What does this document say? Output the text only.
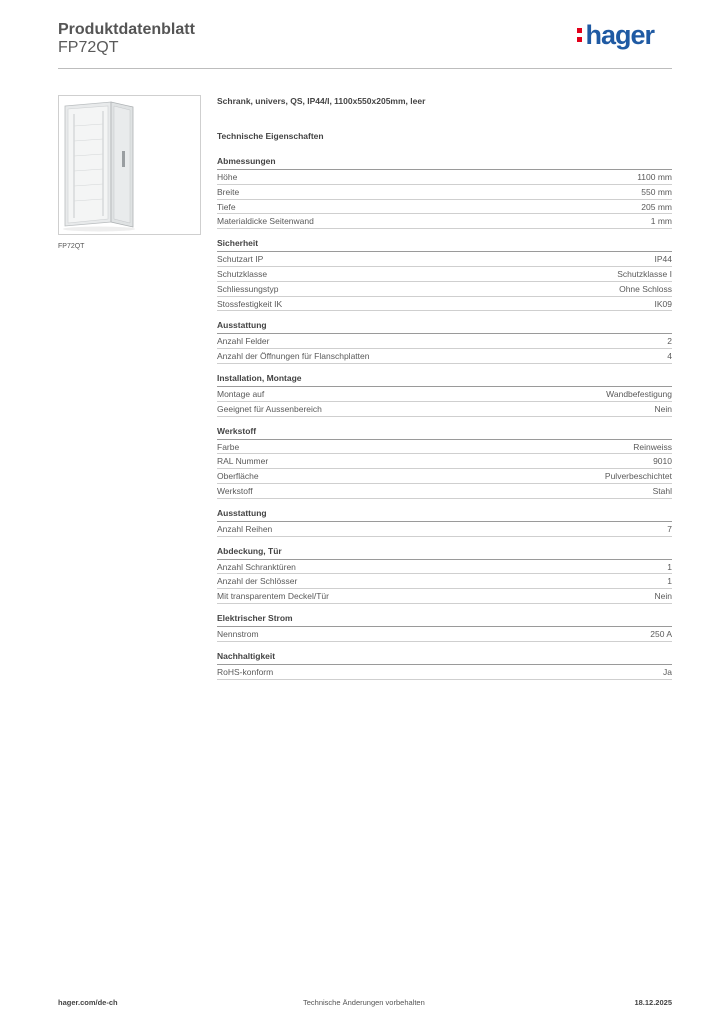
Produktdatenblatt
FP72QT	hager
FP72QT
Schrank, univers, QS, IP44/I, 1100x550x205mm, leer
Technische Eigenschaften
Abmessungen
Höhe	1100 mm
Breite	550 mm
Tiefe	205 mm
Materialdicke Seitenwand	1 mm
Sicherheit
Schutzart IP	IP44
Schutzklasse	Schutzklasse I
Schliessungstyp	Ohne Schloss
Stossfestigkeit IK	IK09
Ausstattung
Anzahl Felder	2
Anzahl der Öffnungen für Flanschplatten	4
Installation, Montage
Montage auf	Wandbefestigung
Geeignet für Aussenbereich	Nein
Werkstoff
Farbe	Reinweiss
RAL Nummer	9010
Oberfläche	Pulverbeschichtet
Werkstoff	Stahl
Ausstattung
Anzahl Reihen	7
Abdeckung, Tür
Anzahl Schranktüren	1
Anzahl der Schlösser	1
Mit transparentem Deckel/Tür	Nein
Elektrischer Strom
Nennstrom	250 A
Nachhaltigkeit
RoHS-konform	Ja
hager.com/de-ch	Technische Änderungen vorbehalten	18.12.2025
